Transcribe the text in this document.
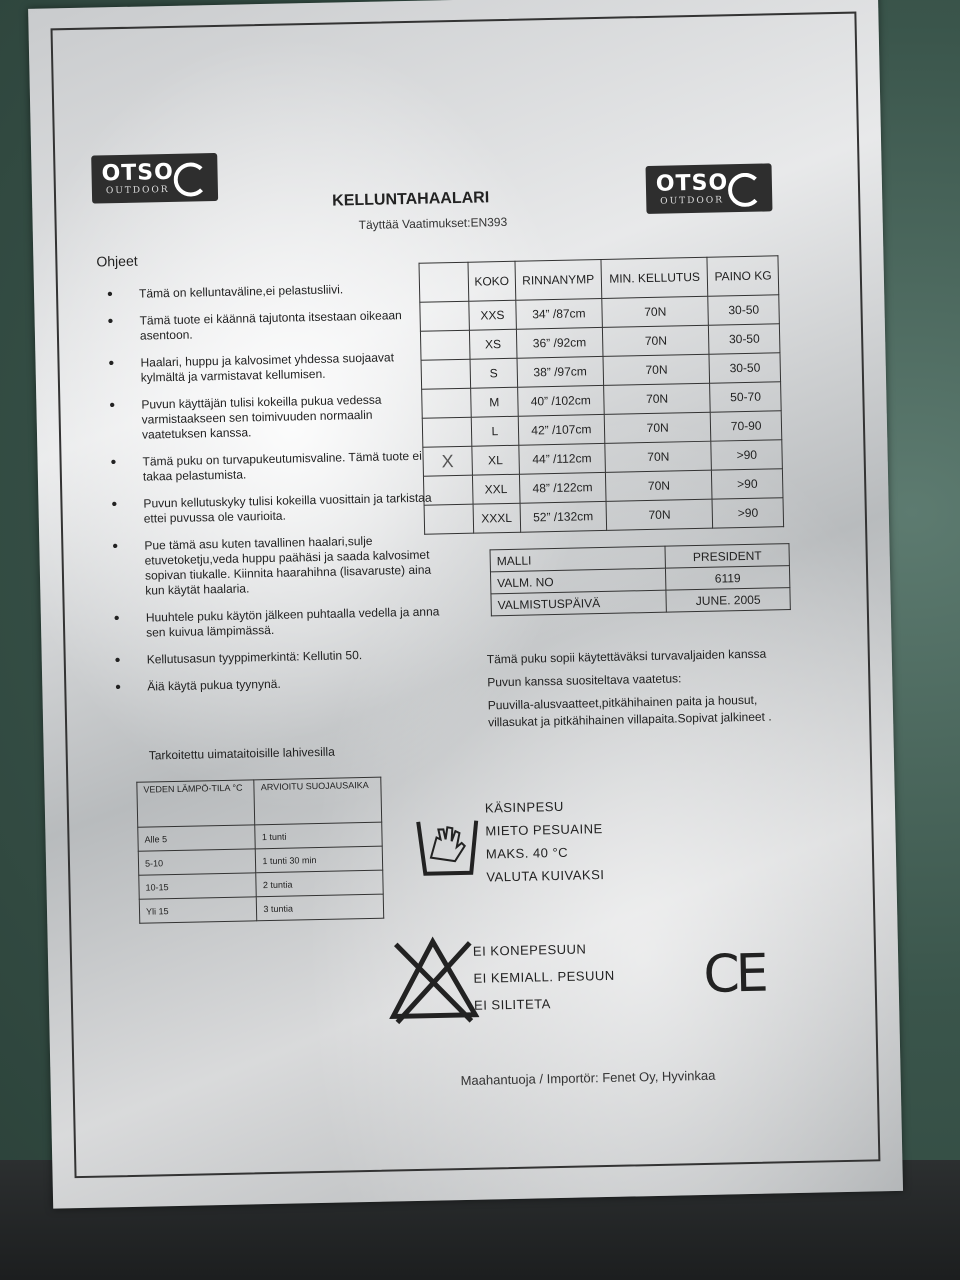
OTSO
OUTDOOR	OTSO
OUTDOOR
KELLUNTAHAALARI
Täyttää Vaatimukset:EN393
Ohjeet
• Tämä on kelluntaväline,ei pelastusliivi.
• Tämä tuote ei käännä tajutonta itsestaan oikeaan asentoon.
• Haalari, huppu ja kalvosimet yhdessa suojaavat kylmältä ja varmistavat kellumisen.
• Puvun käyttäjän tulisi kokeilla pukua vedessa varmistaakseen sen toimivuuden normaalin vaatetuksen kanssa.
• Tämä puku on turvapukeutumisvaline. Tämä tuote ei takaa pelastumista.
• Puvun kellutuskyky tulisi kokeilla vuosittain ja tarkistaa ettei puvussa ole vaurioita.
• Pue tämä asu kuten tavallinen haalari,sulje etuvetoketju,veda huppu paähäsi ja saada kalvosimet sopivan tiukalle. Kiinnita haarahihna (lisavaruste) aina kun käytät haalaria.
• Huuhtele puku käytön jälkeen puhtaalla vedella ja anna sen kuivua lämpimässä.
• Kellutusasun tyyppimerkintä: Kellutin 50.
• Äiä käytä pukua tyynynä.
Tarkoitettu uimataitoisille lahivesilla
	KOKO	RINNANYMP	MIN. KELLUTUS	PAINO KG
	XXS	34” /87cm	70N	30-50
	XS	36” /92cm	70N	30-50
	S	38” /97cm	70N	30-50
	M	40” /102cm	70N	50-70
	L	42” /107cm	70N	70-90
X	XL	44” /112cm	70N	>90
	XXL	48” /122cm	70N	>90
	XXXL	52” /132cm	70N	>90
MALLI	PRESIDENT
VALM. NO	6119
VALMISTUSPÄIVÄ	JUNE. 2005

Tämä puku sopii käytettäväksi turvavaljaiden kanssa

Puvun kanssa suositeltava vaatetus:

Puuvilla-alusvaatteet,pitkähihainen paita ja housut, villasukat ja pitkähihainen villapaita.Sopivat jalkineet .

VEDEN LÄMPÖ-TILA °C	ARVIOITU SUOJAUSAIKA
Alle 5	1 tunti
5-10	1 tunti 30 min
10-15	2 tuntia
Yli 15	3 tuntia
KÄSINPESU
MIETO PESUAINE
MAKS. 40 °C
VALUTA KUIVAKSI
EI KONEPESUUN
EI KEMIALL. PESUUN
EI SILITETA	CE
Maahantuoja / Importör: Fenet Oy, Hyvinkaa
